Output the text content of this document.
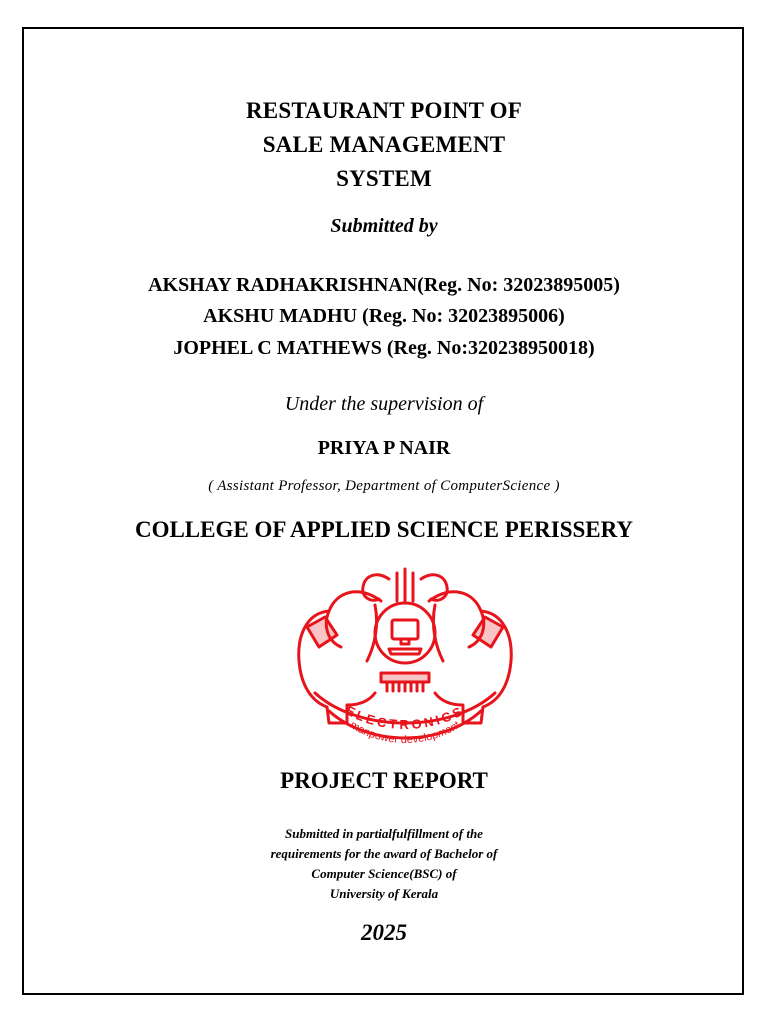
RESTAURANT POINT OF
SALE MANAGEMENT
SYSTEM
Submitted by
AKSHAY RADHAKRISHNAN(Reg. No: 32023895005)
AKSHU MADHU (Reg. No: 32023895006)
JOPHEL C MATHEWS (Reg. No:320238950018)
Under the supervision of
PRIYA P NAIR
( Assistant Professor, Department of ComputerScience )
COLLEGE OF APPLIED SCIENCE PERISSERY
ELECTRONICS
manpower development
PROJECT REPORT
Submitted in partialfulfillment of the
requirements for the award of Bachelor of
Computer Science(BSC) of
University of Kerala
2025
